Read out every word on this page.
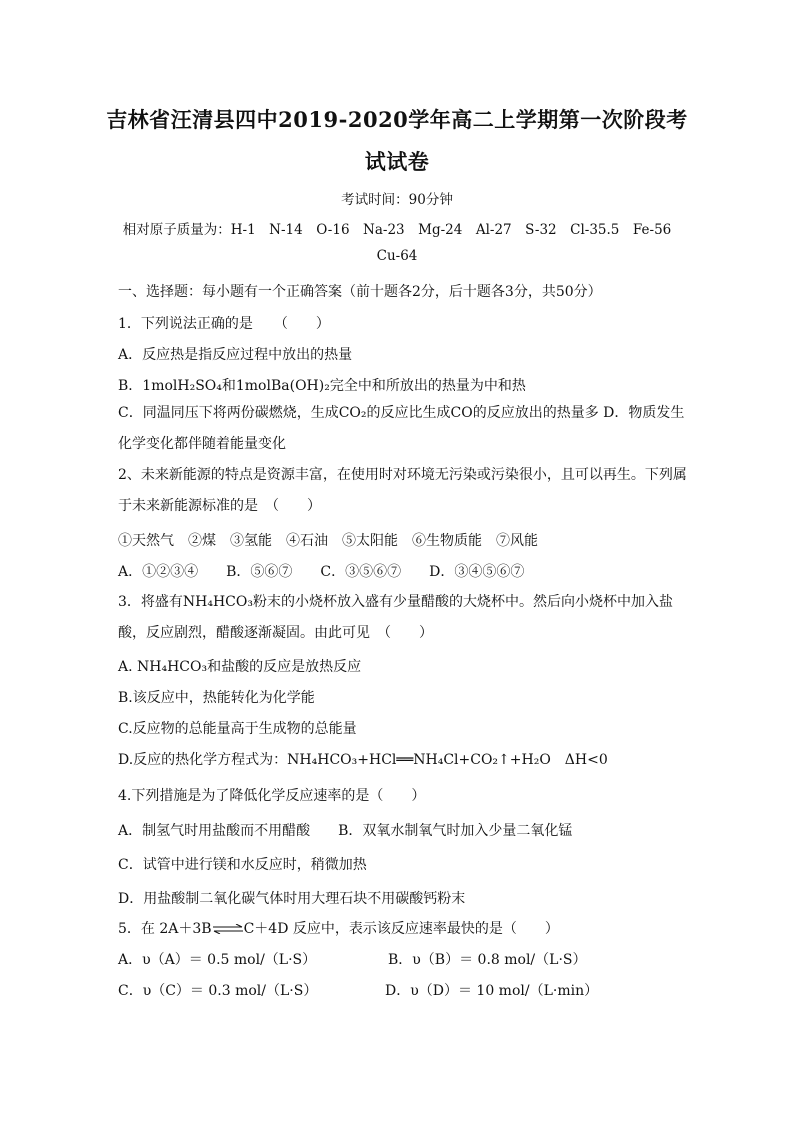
吉林省汪清县四中2019-2020学年高二上学期第一次阶段考
试试卷
考试时间：90分钟
相对原子质量为：H-1　N-14　O-16　Na-23　Mg-24　Al-27　S-32　Cl-35.5　Fe-56
Cu-64
一、选择题：每小题有一个正确答案（前十题各2分，后十题各3分，共50分）
1．下列说法正确的是　　（　　）
A．反应热是指反应过程中放出的热量
B．1molH₂SO₄和1molBa(OH)₂完全中和所放出的热量为中和热
C．同温同压下将两份碳燃烧，生成CO₂的反应比生成CO的反应放出的热量多 D．物质发生化学变化都伴随着能量变化
2、未来新能源的特点是资源丰富，在使用时对环境无污染或污染很小，且可以再生。下列属于未来新能源标准的是　（　　）
①天然气　②煤　③氢能　④石油　⑤太阳能　⑥生物质能　⑦风能
A．①②③④　　B．⑤⑥⑦　　C．③⑤⑥⑦　　D．③④⑤⑥⑦
3．将盛有NH₄HCO₃粉末的小烧杯放入盛有少量醋酸的大烧杯中。然后向小烧杯中加入盐酸，反应剧烈，醋酸逐渐凝固。由此可见　（　　）
A. NH₄HCO₃和盐酸的反应是放热反应
B.该反应中，热能转化为化学能
C.反应物的总能量高于生成物的总能量
D.反应的热化学方程式为：NH₄HCO₃+HCl══NH₄Cl+CO₂↑+H₂O　ΔH<0
4.下列措施是为了降低化学反应速率的是（　　）
A．制氢气时用盐酸而不用醋酸　　B．双氧水制氧气时加入少量二氧化锰
C．试管中进行镁和水反应时，稍微加热
D．用盐酸制二氧化碳气体时用大理石块不用碳酸钙粉末
5．在 2A＋3B⇌C＋4D 反应中，表示该反应速率最快的是（　　）
A．υ（A）＝ 0.5 mol/（L·S）	B．υ（B）＝ 0.8 mol/（L·S）
C．υ（C）＝ 0.3 mol/（L·S）	D．υ（D）＝ 10 mol/（L·min）
